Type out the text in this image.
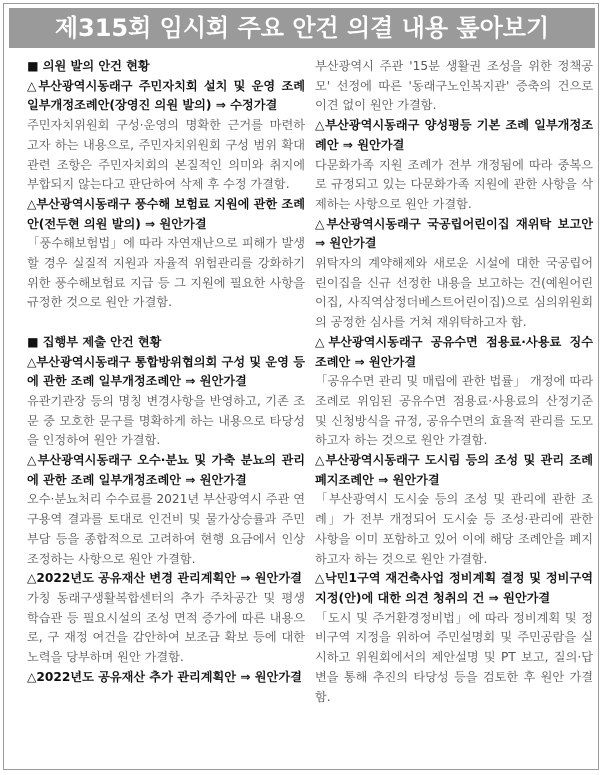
제315회 임시회 주요 안건 의결 내용 톺아보기

■ 의원 발의 안건 현황

△부산광역시동래구 주민자치회 설치 및 운영 조례 일부개정조례안(장영진 의원 발의) ⇒ 수정가결

주민자치위원회 구성·운영의 명확한 근거를 마련하고자 하는 내용으로, 주민자치위원회 구성 범위 확대 관련 조항은 주민자치회의 본질적인 의미와 취지에 부합되지 않는다고 판단하여 삭제 후 수정 가결함.

△부산광역시동래구 풍수해 보험료 지원에 관한 조례안(전두현 의원 발의) ⇒ 원안가결

「풍수해보험법」에 따라 자연재난으로 피해가 발생할 경우 실질적 지원과 자율적 위험관리를 강화하기 위한 풍수해보험료 지급 등 그 지원에 필요한 사항을 규정한 것으로 원안 가결함.

■ 집행부 제출 안건 현황

△부산광역시동래구 통합방위협의회 구성 및 운영 등에 관한 조례 일부개정조례안 ⇒ 원안가결

유관기관장 등의 명칭 변경사항을 반영하고, 기존 조문 중 모호한 문구를 명확하게 하는 내용으로 타당성을 인정하여 원안 가결함.

△부산광역시동래구 오수·분뇨 및 가축 분뇨의 관리에 관한 조례 일부개정조례안 ⇒ 원안가결

오수·분뇨처리 수수료를 2021년 부산광역시 주관 연구용역 결과를 토대로 인건비 및 물가상승률과 주민 부담 등을 종합적으로 고려하여 현행 요금에서 인상 조정하는 사항으로 원안 가결함.

△2022년도 공유재산 변경 관리계획안 ⇒ 원안가결

가칭 동래구생활복합센터의 추가 주차공간 및 평생학습관 등 필요시설의 조성 면적 증가에 따른 내용으로, 구 재정 여건을 감안하여 보조금 확보 등에 대한 노력을 당부하며 원안 가결함.

△2022년도 공유재산 추가 관리계획안 ⇒ 원안가결

부산광역시 주관 '15분 생활권 조성을 위한 정책공모' 선정에 따른 '동래구노인복지관' 증축의 건으로 이견 없이 원안 가결함.

△부산광역시동래구 양성평등 기본 조례 일부개정조례안 ⇒ 원안가결

다문화가족 지원 조례가 전부 개정됨에 따라 중복으로 규정되고 있는 다문화가족 지원에 관한 사항을 삭제하는 사항으로 원안 가결함.

△부산광역시동래구 국공립어린이집 재위탁 보고안 ⇒ 원안가결

위탁자의 계약해제와 새로운 시설에 대한 국공립어린이집을 신규 선정한 내용을 보고하는 건(예원어린이집, 사직역삼정더베스트어린이집)으로 심의위원회의 공정한 심사를 거쳐 재위탁하고자 함.

△부산광역시동래구 공유수면 점용료·사용료 징수 조례안 ⇒ 원안가결

「공유수면 관리 및 매립에 관한 법률」 개정에 따라 조례로 위임된 공유수면 점용료·사용료의 산정기준 및 신청방식을 규정, 공유수면의 효율적 관리를 도모하고자 하는 것으로 원안 가결함.

△부산광역시동래구 도시림 등의 조성 및 관리 조례 폐지조례안 ⇒ 원안가결

「부산광역시 도시숲 등의 조성 및 관리에 관한 조례」가 전부 개정되어 도시숲 등 조성·관리에 관한 사항을 이미 포함하고 있어 이에 해당 조례안을 폐지하고자 하는 것으로 원안 가결함.

△낙민1구역 재건축사업 정비계획 결정 및 정비구역 지정(안)에 대한 의견 청취의 건 ⇒ 원안가결

「도시 및 주거환경정비법」에 따라 정비계획 및 정비구역 지정을 위하여 주민설명회 및 주민공람을 실시하고 위원회에서의 제안설명 및 PT 보고, 질의·답변을 통해 추진의 타당성 등을 검토한 후 원안 가결함.
